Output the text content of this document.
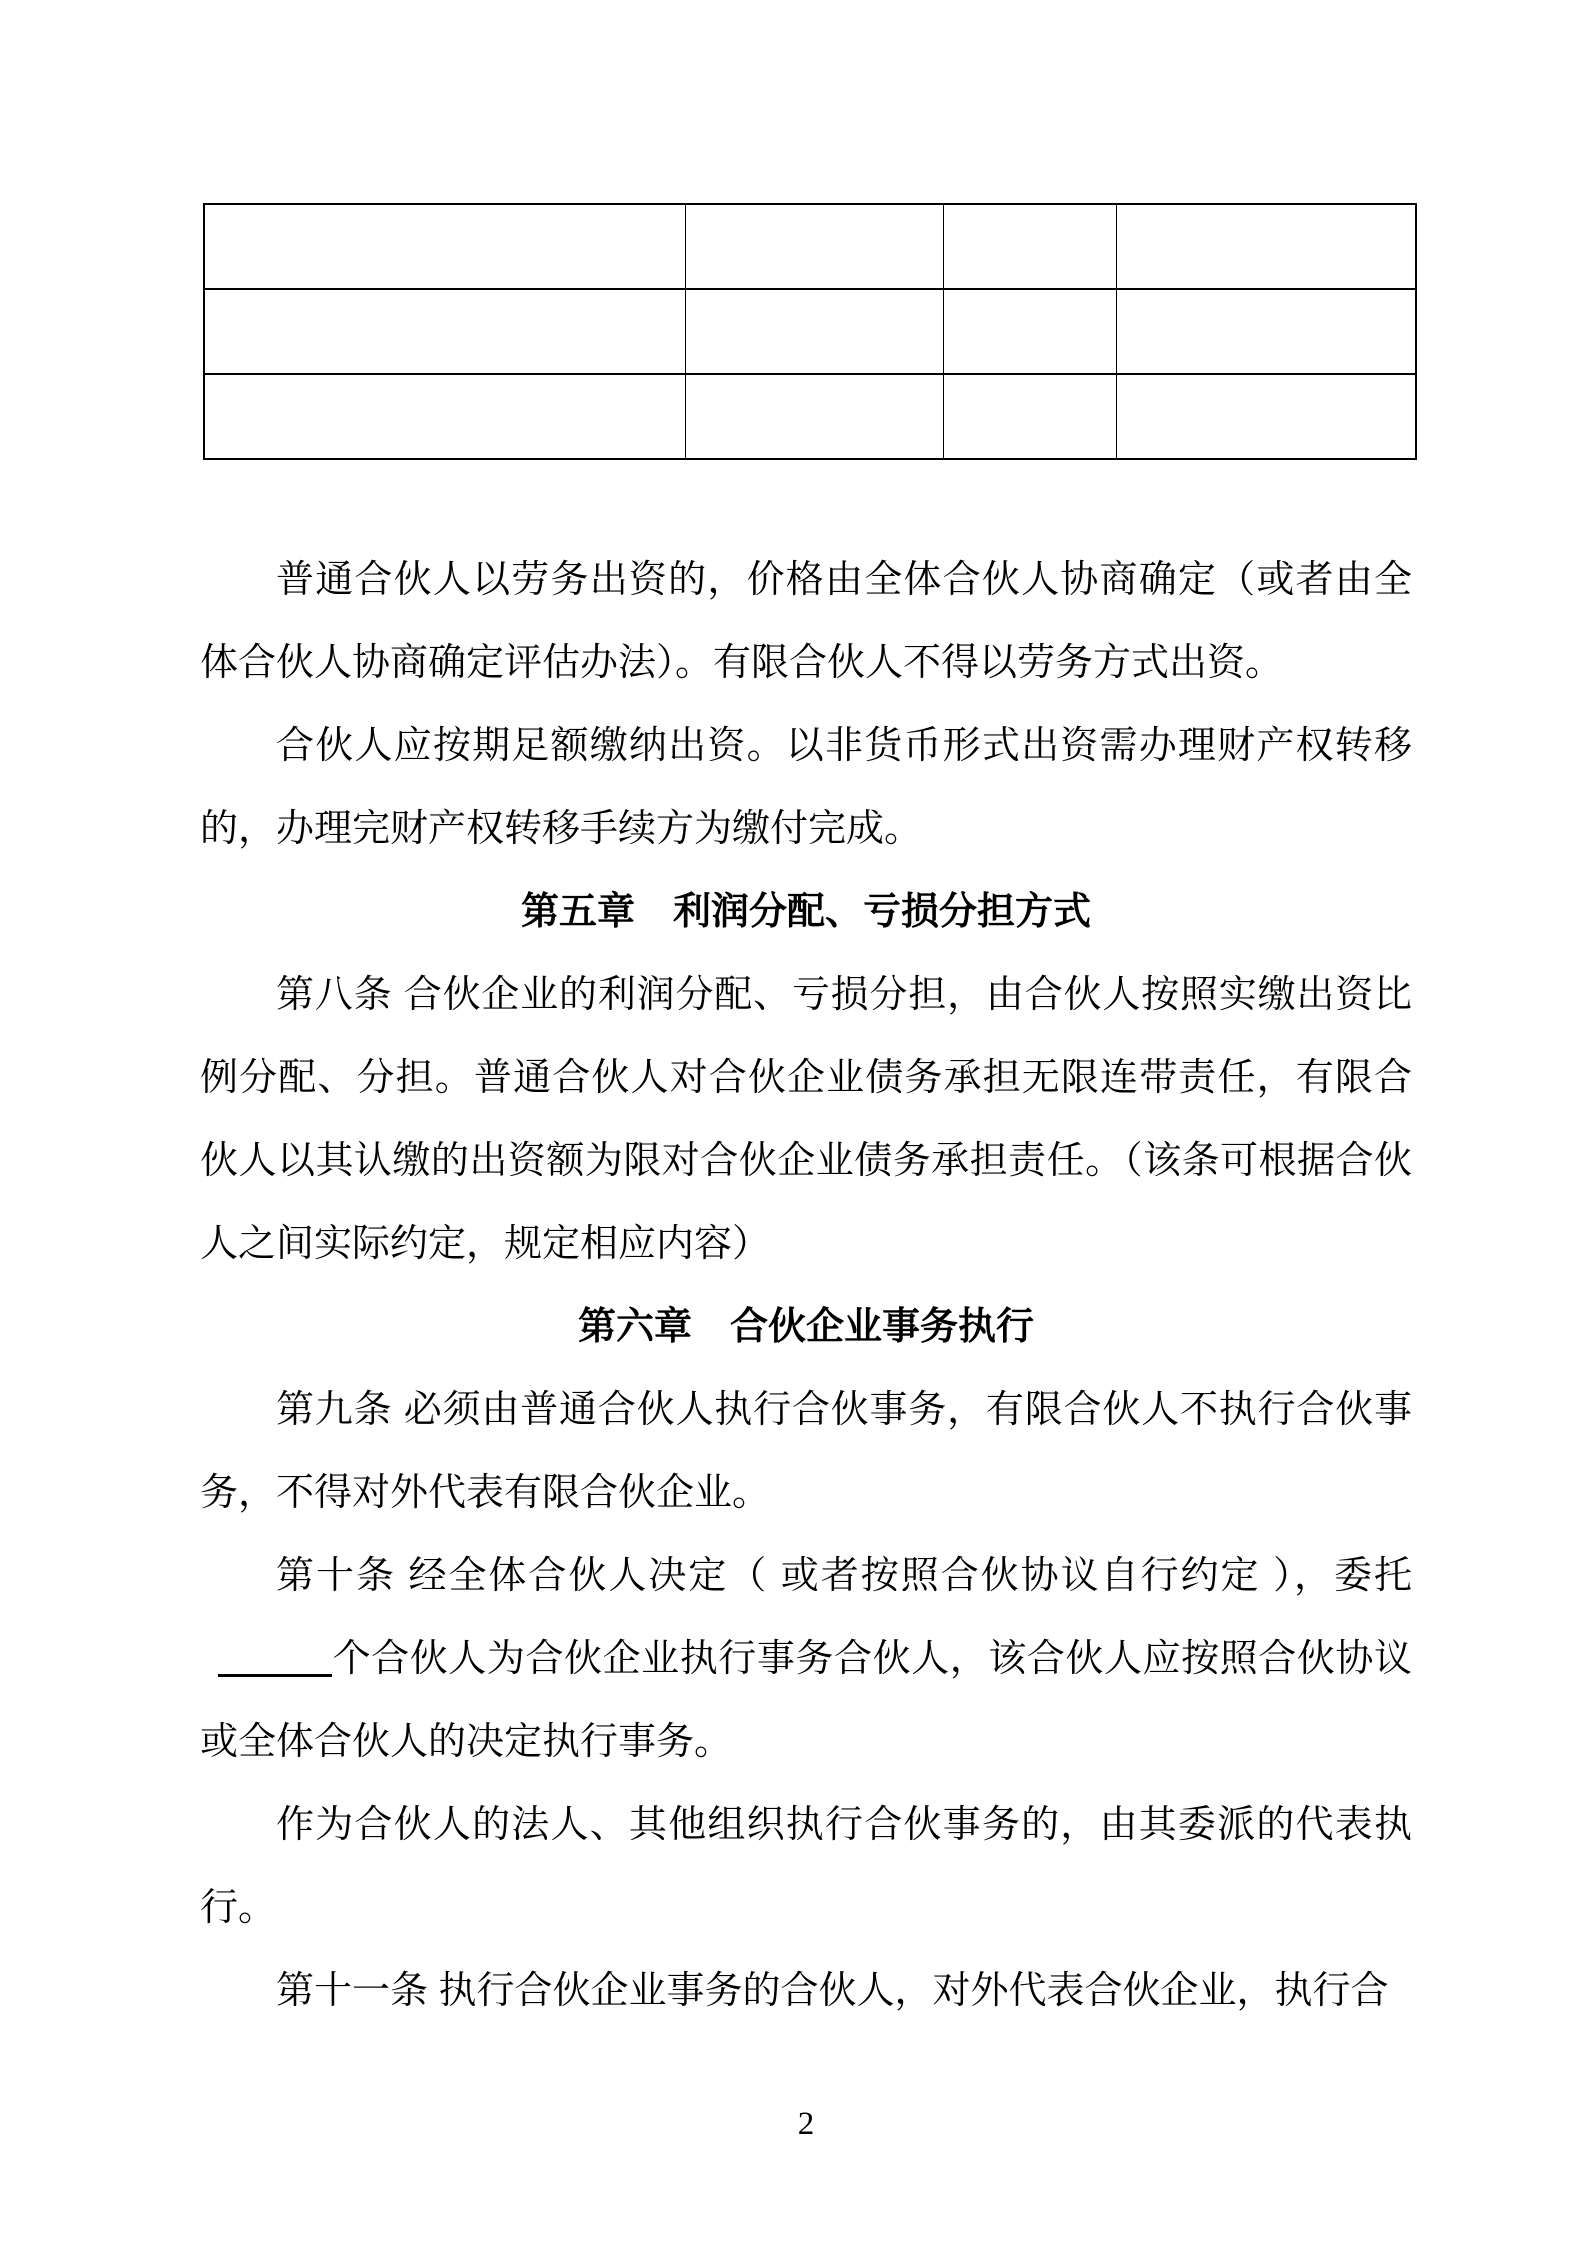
普通合伙人以劳务出资的，价格由全体合伙人协商确定（或者由全体合伙人协商确定评估办法）。有限合伙人不得以劳务方式出资。

合伙人应按期足额缴纳出资。以非货币形式出资需办理财产权转移的，办理完财产权转移手续方为缴付完成。

第五章　利润分配、亏损分担方式

第八条 合伙企业的利润分配、亏损分担，由合伙人按照实缴出资比例分配、分担。普通合伙人对合伙企业债务承担无限连带责任，有限合伙人以其认缴的出资额为限对合伙企业债务承担责任。（该条可根据合伙人之间实际约定，规定相应内容）

第六章　合伙企业事务执行

第九条 必须由普通合伙人执行合伙事务，有限合伙人不执行合伙事务，不得对外代表有限合伙企业。

第十条 经全体合伙人决定（ 或者按照合伙协议自行约定 ），委托个合伙人为合伙企业执行事务合伙人，该合伙人应按照合伙协议或全体合伙人的决定执行事务。

作为合伙人的法人、其他组织执行合伙事务的，由其委派的代表执行。

第十一条 执行合伙企业事务的合伙人，对外代表合伙企业，执行合

2
